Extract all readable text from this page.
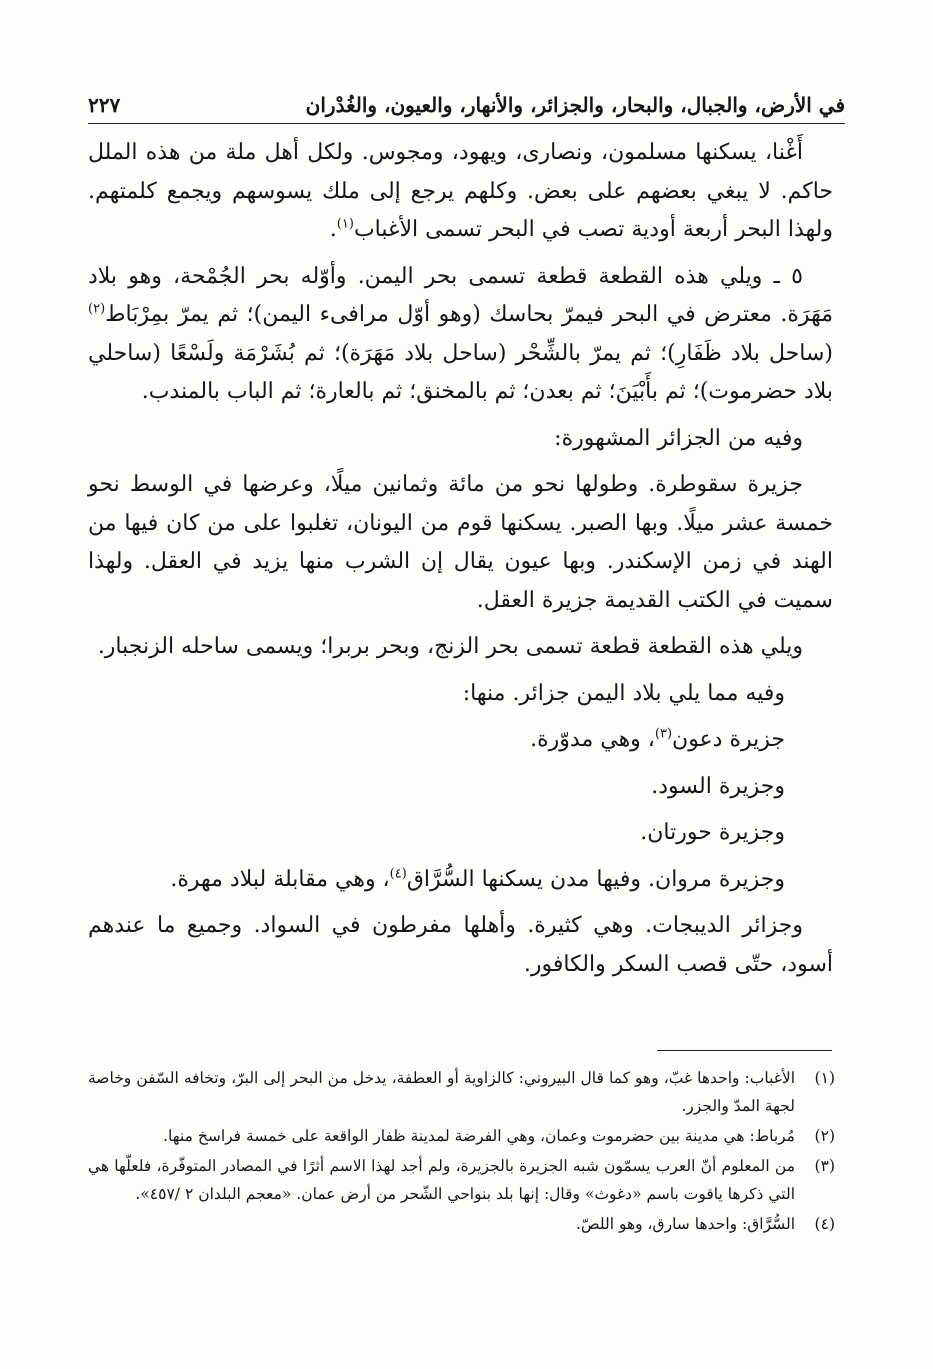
في الأرض، والجبال، والبحار، والجزائر، والأنهار، والعيون، والغُدْران
٢٢٧

أَغْنا، يسكنها مسلمون، ونصارى، ويهود، ومجوس. ولكل أهل ملة من هذه الملل حاكم. لا يبغي بعضهم على بعض. وكلهم يرجع إلى ملك يسوسهم ويجمع كلمتهم. ولهذا البحر أربعة أودية تصب في البحر تسمى الأغباب$^{(١)}$.

٥ ـ ويلي هذه القطعة قطعة تسمى بحر اليمن. وأوّله بحر الجُمْحة، وهو بلاد مَهَرَة. معترض في البحر فيمرّ بحاسك (وهو أوّل مرافىء اليمن)؛ ثم يمرّ بمِرْبَاط$^{(٢)}$ (ساحل بلاد ظَفَارِ)؛ ثم يمرّ بالشِّحْر (ساحل بلاد مَهَرَة)؛ ثم بُشَرْمَة ولَسْعًا (ساحلي بلاد حضرموت)؛ ثم بأَبْيَنَ؛ ثم بعدن؛ ثم بالمخنق؛ ثم بالعارة؛ ثم الباب بالمندب.

وفيه من الجزائر المشهورة:

جزيرة سقوطرة. وطولها نحو من مائة وثمانين ميلًا، وعرضها في الوسط نحو خمسة عشر ميلًا. وبها الصبر. يسكنها قوم من اليونان، تغلبوا على من كان فيها من الهند في زمن الإسكندر. وبها عيون يقال إن الشرب منها يزيد في العقل. ولهذا سميت في الكتب القديمة جزيرة العقل.

ويلي هذه القطعة قطعة تسمى بحر الزنج، وبحر بربرا؛ ويسمى ساحله الزنجبار.

وفيه مما يلي بلاد اليمن جزائر. منها:

جزيرة دعون$^{(٣)}$، وهي مدوّرة.

وجزيرة السود.

وجزيرة حورتان.

وجزيرة مروان. وفيها مدن يسكنها السُّرَّاق$^{(٤)}$، وهي مقابلة لبلاد مهرة.

وجزائر الديبجات. وهي كثيرة. وأهلها مفرطون في السواد. وجميع ما عندهم أسود، حتّى قصب السكر والكافور.

(١)
الأغباب: واحدها غبّ، وهو كما قال البيروني: كالزاوية أو العطفة، يدخل من البحر إلى البرّ، وتخافه السّفن وخاصة لجهة المدّ والجزر.
(٢)
مُرباط: هي مدينة بين حضرموت وعمان، وهي الفرضة لمدينة ظفار الواقعة على خمسة فراسخ منها.
(٣)
من المعلوم أنّ العرب يسمّون شبه الجزيرة بالجزيرة، ولم أجد لهذا الاسم أثرًا في المصادر المتوفّرة، فلعلّها هي التي ذكرها ياقوت باسم «دغوث» وقال: إنها بلد بنواحي الشّحر من أرض عمان. «معجم البلدان ٢ /٤٥٧».
(٤)
السُّرَّاق: واحدها سارق، وهو اللصّ.
